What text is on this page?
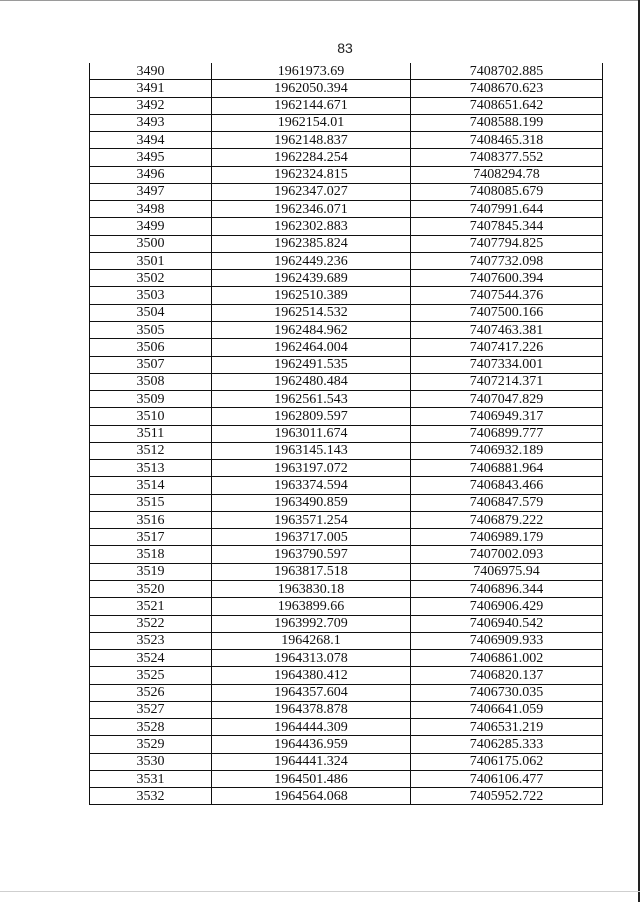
83
3490	1961973.69	7408702.885
3491	1962050.394	7408670.623
3492	1962144.671	7408651.642
3493	1962154.01	7408588.199
3494	1962148.837	7408465.318
3495	1962284.254	7408377.552
3496	1962324.815	7408294.78
3497	1962347.027	7408085.679
3498	1962346.071	7407991.644
3499	1962302.883	7407845.344
3500	1962385.824	7407794.825
3501	1962449.236	7407732.098
3502	1962439.689	7407600.394
3503	1962510.389	7407544.376
3504	1962514.532	7407500.166
3505	1962484.962	7407463.381
3506	1962464.004	7407417.226
3507	1962491.535	7407334.001
3508	1962480.484	7407214.371
3509	1962561.543	7407047.829
3510	1962809.597	7406949.317
3511	1963011.674	7406899.777
3512	1963145.143	7406932.189
3513	1963197.072	7406881.964
3514	1963374.594	7406843.466
3515	1963490.859	7406847.579
3516	1963571.254	7406879.222
3517	1963717.005	7406989.179
3518	1963790.597	7407002.093
3519	1963817.518	7406975.94
3520	1963830.18	7406896.344
3521	1963899.66	7406906.429
3522	1963992.709	7406940.542
3523	1964268.1	7406909.933
3524	1964313.078	7406861.002
3525	1964380.412	7406820.137
3526	1964357.604	7406730.035
3527	1964378.878	7406641.059
3528	1964444.309	7406531.219
3529	1964436.959	7406285.333
3530	1964441.324	7406175.062
3531	1964501.486	7406106.477
3532	1964564.068	7405952.722
